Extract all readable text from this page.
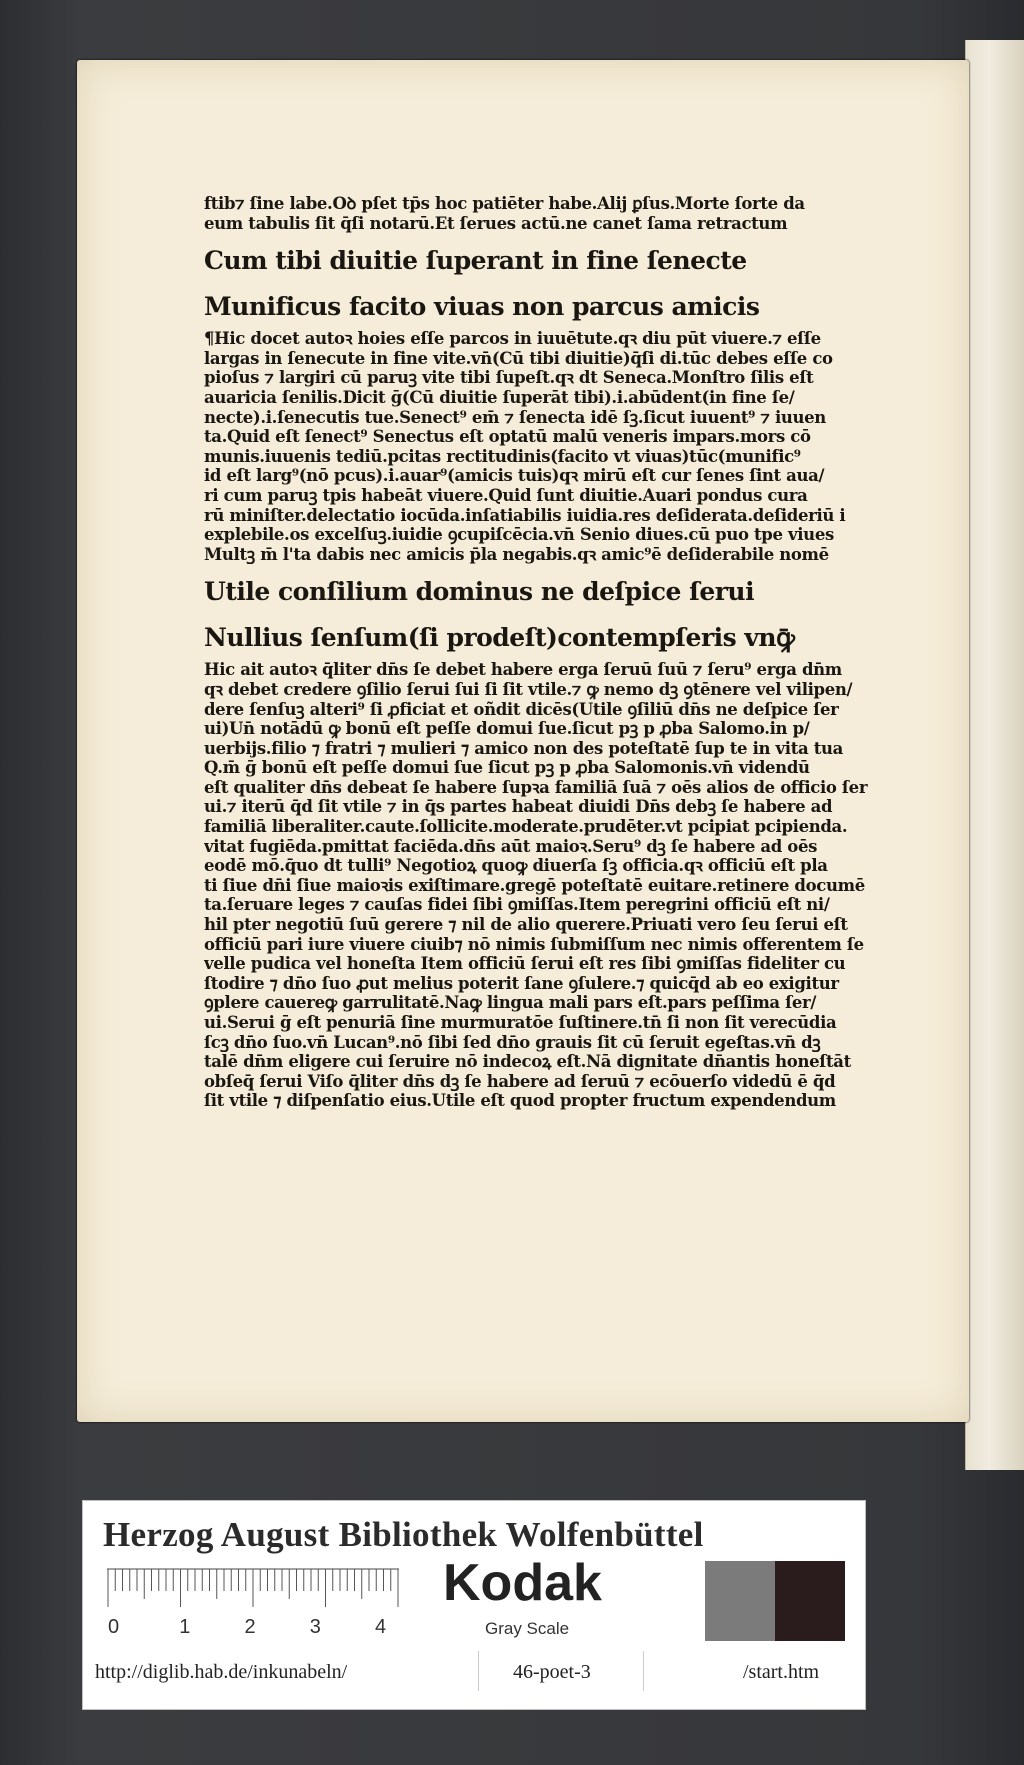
ftib⁊ ſine labe.Oꝺ pſet tp̄s hoc patiēter habe.Alij ꝑſus.Morte ſorte da
eum tabulis ſit q̄ſi notarū.Et ſerues actū.ne canet ſama retractum
Cum tibi diuitie ſuperant in fine ſenecte
Munificus facito viuas non parcus amicis
¶Hic docet autoꝛ hoies eſſe parcos in iuuētute.qꝛ diu pūt viuere.⁊ eſſe
largas in ſenecute in fine vite.vn̄(Cū tibi diuitie)q̄ſi di.tūc debes eſſe co
pioſus ⁊ largiri cū paruꝫ vite tibi ſupeſt.qꝛ dt Seneca.Monſtro ſilis eſt
auaricia ſenilis.Dicit ḡ(Cū diuitie ſuperāt tibi).i.abūdent(in fine ſe/
necte).i.ſenecutis tue.Senect⁹ em̄ ⁊ ſenecta idē ſꝫ.ſicut iuuent⁹ ⁊ iuuen
ta.Quid eſt ſenect⁹ Senectus eſt optatū malū veneris impars.mors cō
munis.iuuenis tediū.pcitas rectitudinis(facito vt viuas)tūc(munific⁹
id eſt larg⁹(nō pcus).i.auar⁹(amicis tuis)qꝛ mirū eſt cur ſenes ſint aua/
ri cum paruꝫ tpis habeāt viuere.Quid ſunt diuitie.Auari pondus cura
rū miniſter.delectatio iocūda.inſatiabilis iuidia.res deſiderata.deſideriū i
explebile.os excelſuꝫ.iuidie ꝯcupiſcēcia.vn̄ Senio diues.cū puo tpe viues
Multꝫ m̄ l'ta dabis nec amicis p̄la negabis.qꝛ amic⁹ē deſiderabile nomē
Utile conſilium dominus ne deſpice ſerui
Nullius ſenſum(ſi prodeſt)contempſeris vnꝙ̄
Hic ait autoꝛ q̄liter dn̄s ſe debet habere erga ſeruū ſuū ⁊ ſeru⁹ erga dn̄m
qꝛ debet credere ꝯſilio ſerui ſui ſi ſit vtile.⁊ ꝙ nemo dꝫ ꝯtēnere vel vilipen/
dere ſenſuꝫ alteri⁹ ſi ꝓficiat et oñdit dicēs(Utile ꝯſiliū dn̄s ne deſpice ſer
ui)Un̄ notādū ꝙ bonū eſt peſſe domui ſue.ſicut pꝫ p ꝓba Salomo.in p/
uerbijs.filio ⁊ fratri ⁊ mulieri ⁊ amico non des poteſtatē ſup te in vita tua
Q.m̄ ḡ bonū eſt peſſe domui ſue ſicut pꝫ p ꝓba Salomonis.vn̄ videndū
eſt qualiter dn̄s debeat ſe habere ſupꝛa familiā ſuā ⁊ oēs alios de officio ſer
ui.⁊ iterū q̄d ſit vtile ⁊ in q̄s partes habeat diuidi Dn̄s debꝫ ſe habere ad
familiā liberaliter.caute.ſollicite.moderate.prudēter.vt pcipiat pcipienda.
vitat fugiēda.pmittat faciēda.dn̄s aūt maioꝛ.Seru⁹ dꝫ ſe habere ad oēs
eodē mō.q̄uo dt tulli⁹ Negotioꝝ quoꝙ diuerſa ſꝫ officia.qꝛ officiū eſt pla
ti ſiue dn̄i ſiue maioꝛis exiſtimare.gregē poteſtatē euitare.retinere documē
ta.ſeruare leges ⁊ cauſas fidei ſibi ꝯmiſſas.Item peregrini officiū eſt ni/
hil pter negotiū ſuū gerere ⁊ nil de alio querere.Priuati vero ſeu ſerui eſt
officiū pari iure viuere ciuib⁊ nō nimis ſubmiſſum nec nimis offerentem ſe
velle pudica vel honeſta Item officiū ſerui eſt res ſibi ꝯmiſſas fideliter cu
ſtodire ⁊ dn̄o ſuo ꝓut melius poterit ſane ꝯſulere.⁊ quicq̄d ab eo exigitur
ꝯplere cauereꝙ garrulitatē.Naꝙ lingua mali pars eſt.pars peſſima ſer/
ui.Serui ḡ eſt penuriā ſine murmuratōe ſuſtinere.tn̄ ſi non ſit verecūdia
ſcꝫ dn̄o ſuo.vn̄ Lucan⁹.nō ſibi ſed dn̄o grauis ſit cū ſeruit egeſtas.vn̄ dꝫ
talē dn̄m eligere cui ſeruire nō indecoꝝ eſt.Nā dignitate dn̄antis honeſtāt
obſeq̄ ſerui Viſo q̄liter dn̄s dꝫ ſe habere ad ſeruū ⁊ ecōuerſo videdū ē q̄d
ſit vtile ⁊ diſpenſatio eius.Utile eſt quod propter fructum expendendum
Herzog August Bibliothek Wolfenbüttel
0	1	2	3	4
Kodak
Gray Scale
http://diglib.hab.de/inkunabeln/	46-poet-3	/start.htm
